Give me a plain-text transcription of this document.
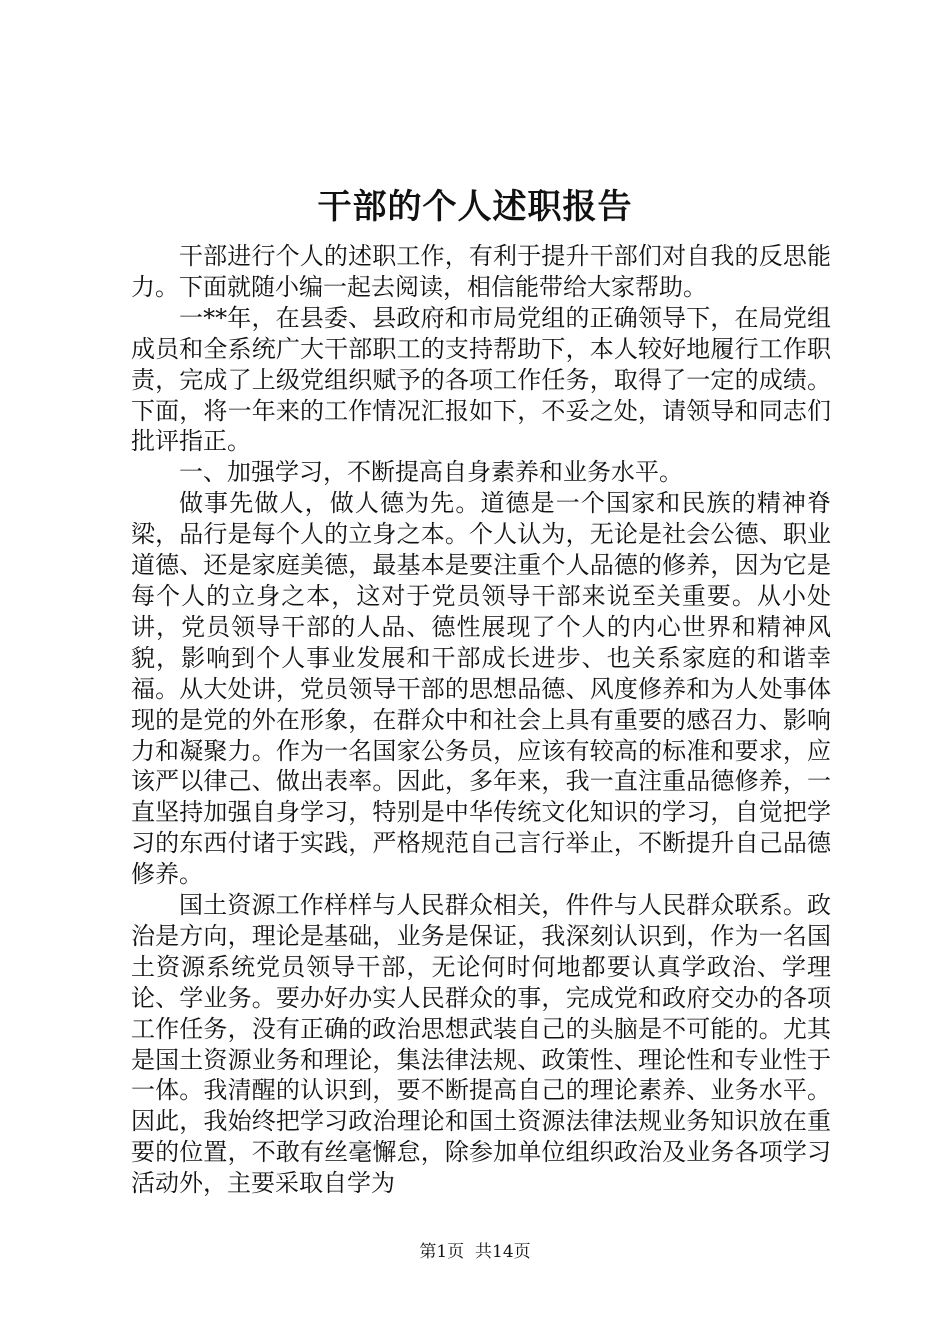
干部的个人述职报告

干部进行个人的述职工作，有利于提升干部们对自我的反思能力。下面就随小编一起去阅读，相信能带给大家帮助。

一**年，在县委、县政府和市局党组的正确领导下，在局党组成员和全系统广大干部职工的支持帮助下，本人较好地履行工作职责，完成了上级党组织赋予的各项工作任务，取得了一定的成绩。下面，将一年来的工作情况汇报如下，不妥之处，请领导和同志们批评指正。

一、加强学习，不断提高自身素养和业务水平。

做事先做人，做人德为先。道德是一个国家和民族的精神脊梁，品行是每个人的立身之本。个人认为，无论是社会公德、职业道德、还是家庭美德，最基本是要注重个人品德的修养，因为它是每个人的立身之本，这对于党员领导干部来说至关重要。从小处讲，党员领导干部的人品、德性展现了个人的内心世界和精神风貌，影响到个人事业发展和干部成长进步、也关系家庭的和谐幸福。从大处讲，党员领导干部的思想品德、风度修养和为人处事体现的是党的外在形象，在群众中和社会上具有重要的感召力、影响力和凝聚力。作为一名国家公务员，应该有较高的标准和要求，应该严以律己、做出表率。因此，多年来，我一直注重品德修养，一直坚持加强自身学习，特别是中华传统文化知识的学习，自觉把学习的东西付诸于实践，严格规范自己言行举止，不断提升自己品德修养。

国土资源工作样样与人民群众相关，件件与人民群众联系。政治是方向，理论是基础，业务是保证，我深刻认识到，作为一名国土资源系统党员领导干部，无论何时何地都要认真学政治、学理论、学业务。要办好办实人民群众的事，完成党和政府交办的各项工作任务，没有正确的政治思想武装自己的头脑是不可能的。尤其是国土资源业务和理论，集法律法规、政策性、理论性和专业性于一体。我清醒的认识到，要不断提高自己的理论素养、业务水平。因此，我始终把学习政治理论和国土资源法律法规业务知识放在重要的位置，不敢有丝毫懈怠，除参加单位组织政治及业务各项学习活动外，主要采取自学为

第1页 共14页
